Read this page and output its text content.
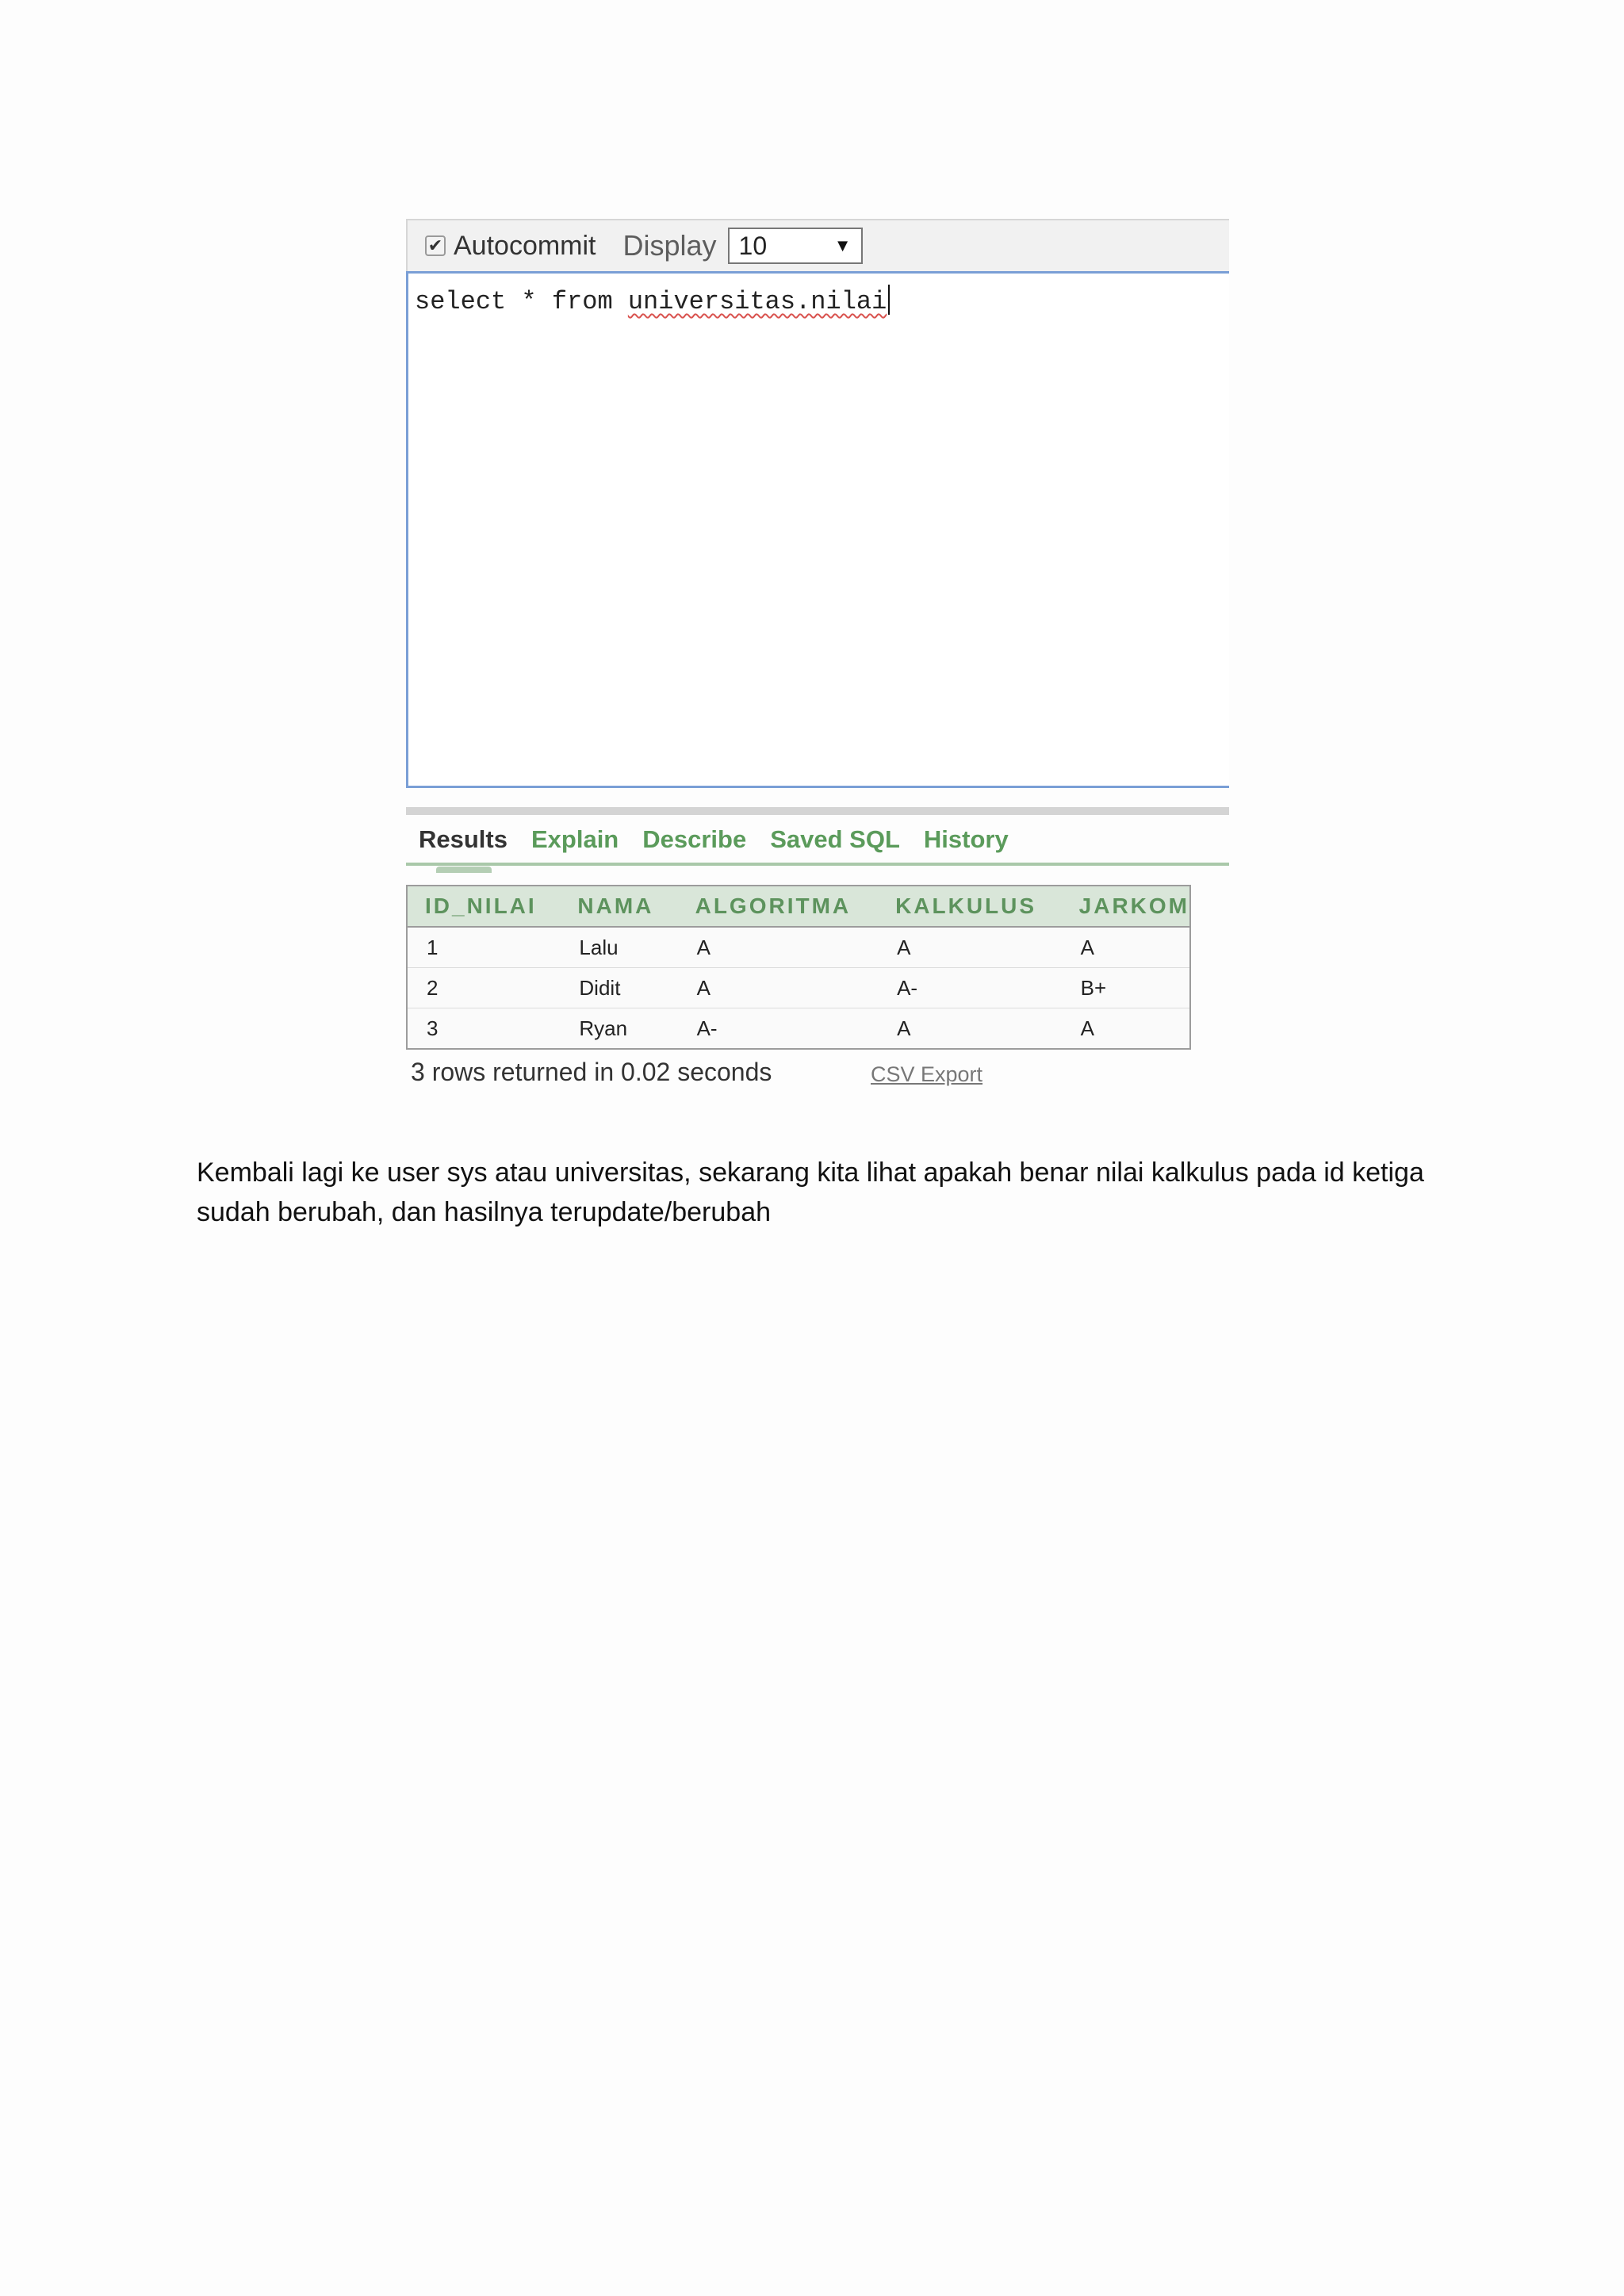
✔ Autocommit Display 10	▼
select * from universitas.nilai
Results Explain Describe Saved SQL History
ID_NILAI	NAMA	ALGORITMA	KALKULUS	JARKOM
1	Lalu	A	A	A
2	Didit	A	A-	B+
3	Ryan	A-	A	A
3 rows returned in 0.02 seconds	CSV Export

Kembali lagi ke user sys atau universitas, sekarang kita lihat apakah benar nilai kalkulus pada id ketiga sudah berubah, dan hasilnya terupdate/berubah
